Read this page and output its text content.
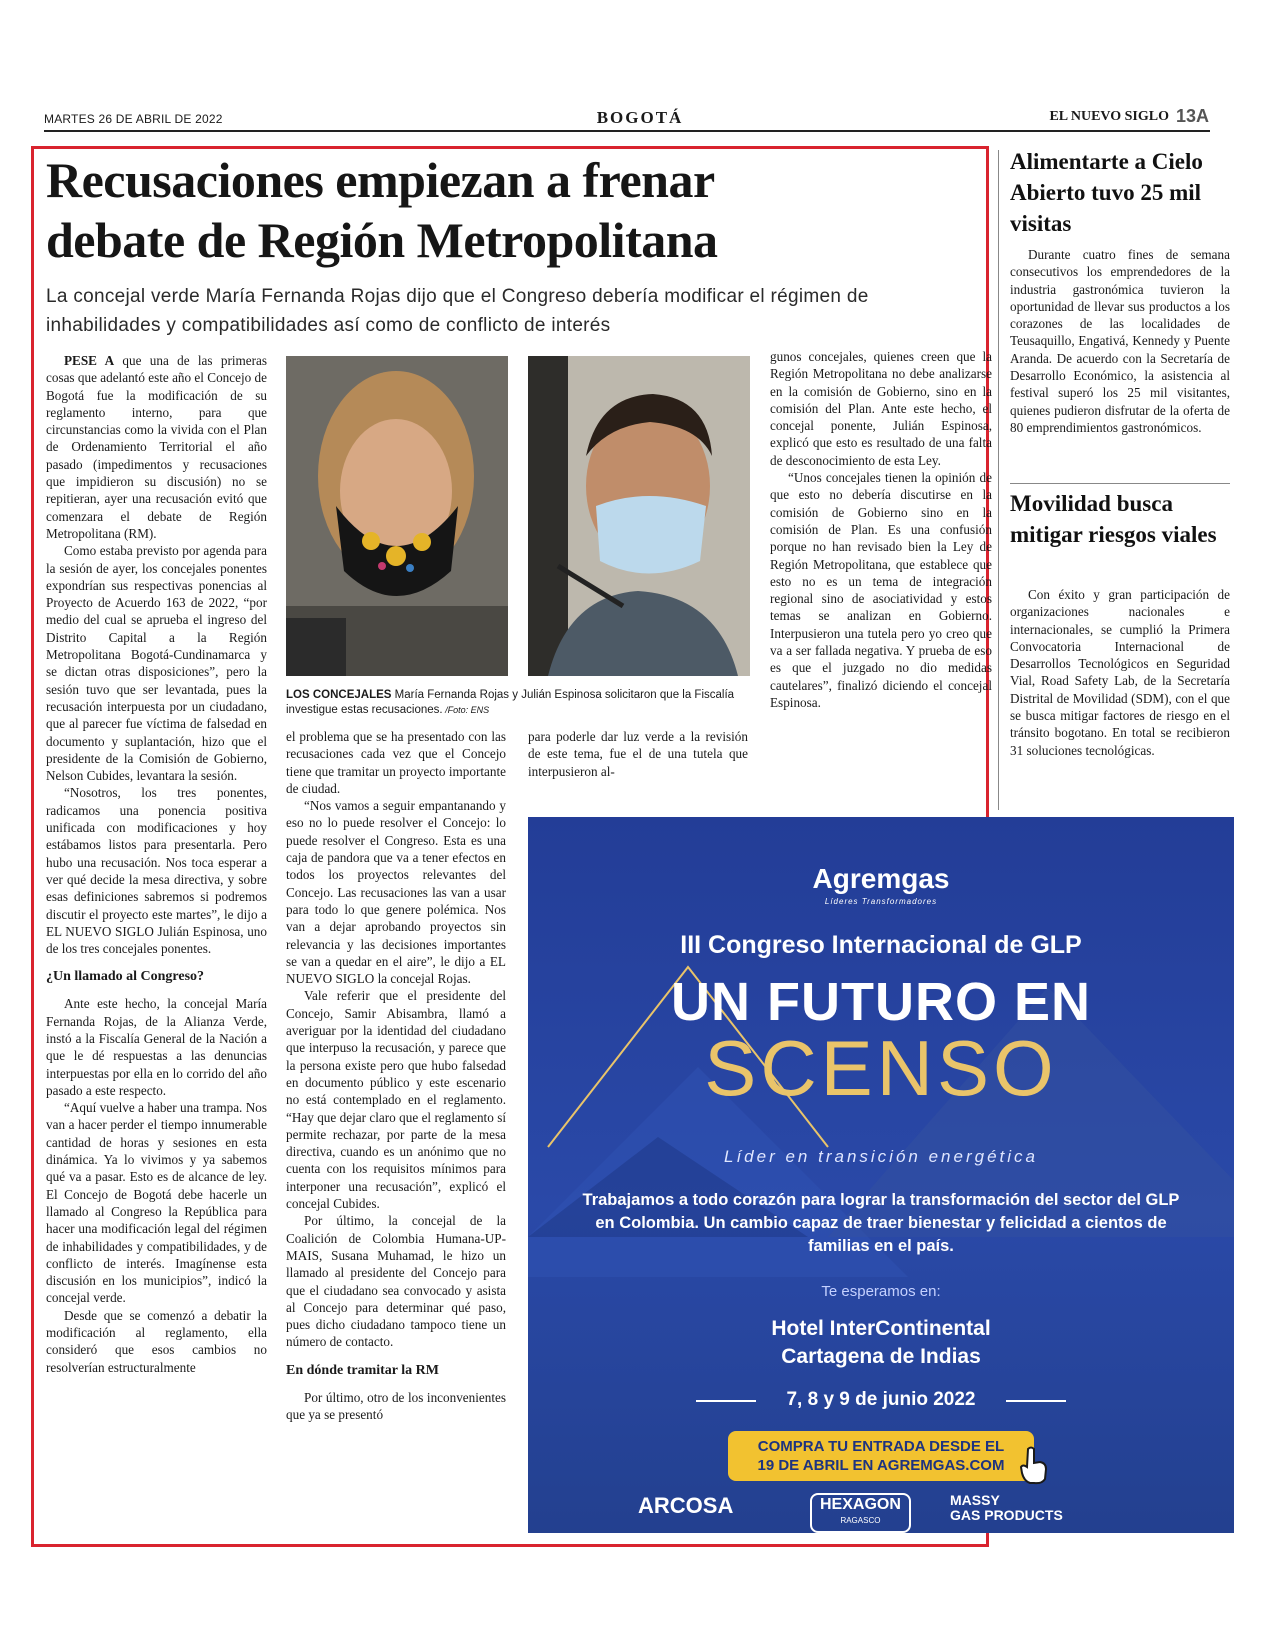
MARTES 26 DE ABRIL DE 2022	BOGOTÁ	EL NUEVO SIGLO 13A
Recusaciones empiezan a frenar
debate de Región Metropolitana
La concejal verde María Fernanda Rojas dijo que el Congreso debería modificar el régimen de inhabilidades y compatibilidades así como de conflicto de interés

PESE A que una de las primeras cosas que adelantó este año el Concejo de Bogotá fue la modificación de su reglamento interno, para que circunstancias como la vivida con el Plan de Ordenamiento Territorial el año pasado (impedimentos y recusaciones que impidieron su discusión) no se repitieran, ayer una recusación evitó que comenzara el debate de Región Metropolitana (RM).

Como estaba previsto por agenda para la sesión de ayer, los concejales ponentes expondrían sus respectivas ponencias al Proyecto de Acuerdo 163 de 2022, “por medio del cual se aprueba el ingreso del Distrito Capital a la Región Metropolitana Bogotá-Cundinamarca y se dictan otras disposiciones”, pero la sesión tuvo que ser levantada, pues la recusación interpuesta por un ciudadano, que al parecer fue víctima de falsedad en documento y suplantación, hizo que el presidente de la Comisión de Gobierno, Nelson Cubides, levantara la sesión.

“Nosotros, los tres ponentes, radicamos una ponencia positiva unificada con modificaciones y hoy estábamos listos para presentarla. Pero hubo una recusación. Nos toca esperar a ver qué decide la mesa directiva, y sobre esas definiciones sabremos si podremos discutir el proyecto este martes”, le dijo a EL NUEVO SIGLO Julián Espinosa, uno de los tres concejales ponentes.

¿Un llamado al Congreso?

Ante este hecho, la concejal María Fernanda Rojas, de la Alianza Verde, instó a la Fiscalía General de la Nación a que le dé respuestas a las denuncias interpuestas por ella en lo corrido del año pasado a este respecto.

“Aquí vuelve a haber una trampa. Nos van a hacer perder el tiempo innumerable cantidad de horas y sesiones en esta dinámica. Ya lo vivimos y ya sabemos qué va a pasar. Esto es de alcance de ley. El Concejo de Bogotá debe hacerle un llamado al Congreso la República para hacer una modificación legal del régimen de inhabilidades y compatibilidades, y de conflicto de interés. Imagínense esta discusión en los municipios”, indicó la concejal verde.

Desde que se comenzó a debatir la modificación al reglamento, ella consideró que esos cambios no resolverían estructuralmente

LOS CONCEJALES María Fernanda Rojas y Julián Espinosa solicitaron que la Fiscalía investigue estas recusaciones. /Foto: ENS

el problema que se ha presentado con las recusaciones cada vez que el Concejo tiene que tramitar un proyecto importante de ciudad.

“Nos vamos a seguir empantanando y eso no lo puede resolver el Concejo: lo puede resolver el Congreso. Esta es una caja de pandora que va a tener efectos en todos los proyectos relevantes del Concejo. Las recusaciones las van a usar para todo lo que genere polémica. Nos van a dejar aprobando proyectos sin relevancia y las decisiones importantes se van a quedar en el aire”, le dijo a EL NUEVO SIGLO la concejal Rojas.

Vale referir que el presidente del Concejo, Samir Abisambra, llamó a averiguar por la identidad del ciudadano que interpuso la recusación, y parece que la persona existe pero que hubo falsedad en documento público y este escenario no está contemplado en el reglamento. “Hay que dejar claro que el reglamento sí permite rechazar, por parte de la mesa directiva, cuando es un anónimo que no cuenta con los requisitos mínimos para interponer una recusación”, explicó el concejal Cubides.

Por último, la concejal de la Coalición de Colombia Humana-UP-MAIS, Susana Muhamad, le hizo un llamado al presidente del Concejo para que el ciudadano sea convocado y asista al Concejo para determinar qué paso, pues dicho ciudadano tampoco tiene un número de contacto.

En dónde tramitar la RM

Por último, otro de los inconvenientes que ya se presentó

para poderle dar luz verde a la revisión de este tema, fue el de una tutela que interpusieron al-

gunos concejales, quienes creen que la Región Metropolitana no debe analizarse en la comisión de Gobierno, sino en la comisión del Plan. Ante este hecho, el concejal ponente, Julián Espinosa, explicó que esto es resultado de una falta de desconocimiento de esta Ley.

“Unos concejales tienen la opinión de que esto no debería discutirse en la comisión de Gobierno sino en la comisión de Plan. Es una confusión porque no han revisado bien la Ley de Región Metropolitana, que establece que esto no es un tema de integración regional sino de asociatividad y estos temas se analizan en Gobierno. Interpusieron una tutela pero yo creo que va a ser fallada negativa. Y prueba de eso es que el juzgado no dio medidas cautelares”, finalizó diciendo el concejal Espinosa.

Alimentarte a Cielo Abierto tuvo 25 mil visitas

Durante cuatro fines de semana consecutivos los emprendedores de la industria gastronómica tuvieron la oportunidad de llevar sus productos a los corazones de las localidades de Teusaquillo, Engativá, Kennedy y Puente Aranda. De acuerdo con la Secretaría de Desarrollo Económico, la asistencia al festival superó los 25 mil visitantes, quienes pudieron disfrutar de la oferta de 80 emprendimientos gastronómicos.

Movilidad busca mitigar riesgos viales

Con éxito y gran participación de organizaciones nacionales e internacionales, se cumplió la Primera Convocatoria Internacional de Desarrollos Tecnológicos en Seguridad Vial, Road Safety Lab, de la Secretaría Distrital de Movilidad (SDM), con el que se busca mitigar factores de riesgo en el tránsito bogotano. En total se recibieron 31 soluciones tecnológicas.

Agremgas
Líderes Transformadores
III Congreso Internacional de GLP
UN FUTURO EN
SCENSO
Líder en transición energética
Trabajamos a todo corazón para lograr la transformación del sector del GLP en Colombia. Un cambio capaz de traer bienestar y felicidad a cientos de familias en el país.
Te esperamos en:
Hotel InterContinental
Cartagena de Indias
7, 8 y 9 de junio 2022
COMPRA TU ENTRADA DESDE EL
19 DE ABRIL EN AGREMGAS.COM
ARCOSA	HEXAGON
RAGASCO
MASSY
GAS PRODUCTS
